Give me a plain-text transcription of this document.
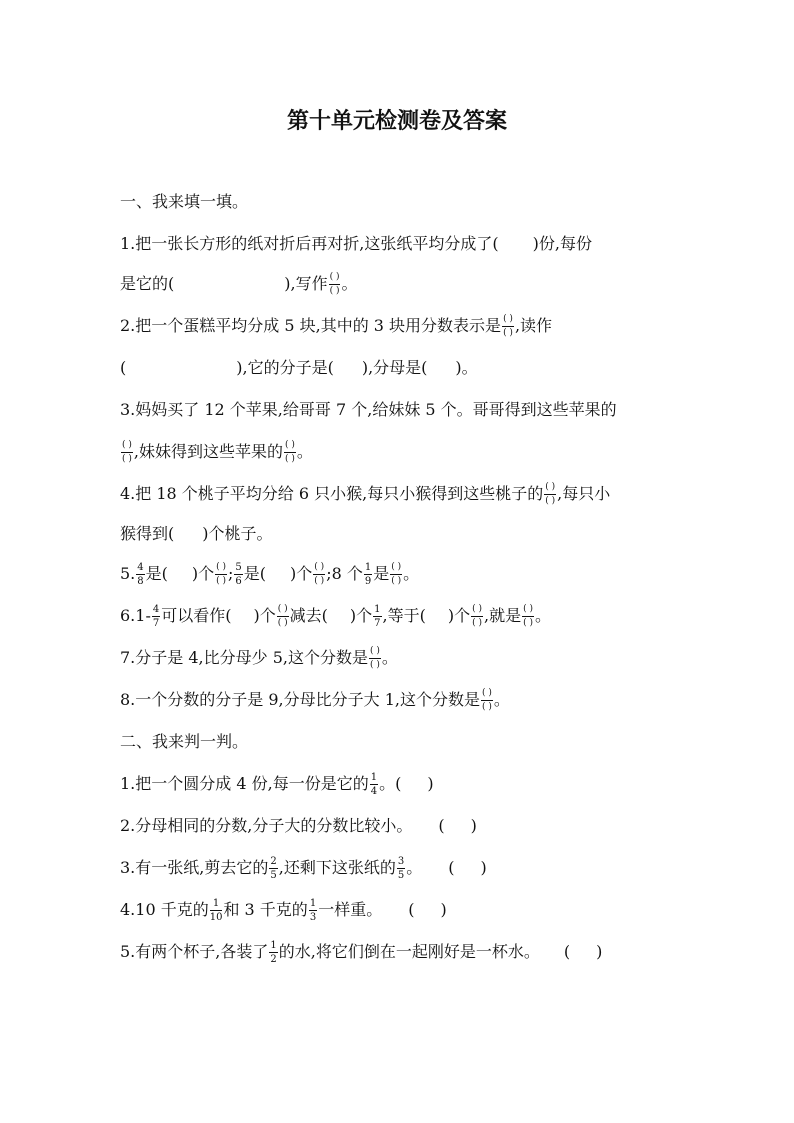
第十单元检测卷及答案
一、我来填一填。
1.把一张长方形的纸对折后再对折,这张纸平均分成了( )份,每份
是它的(	),写作 $\frac{( )}{( )}$ 。
2.把一个蛋糕平均分成 5 块,其中的 3 块用分数表示是 $\frac{( )}{( )}$ ,读作
(	),它的分子是( ),分母是( )。
3.妈妈买了 12 个苹果,给哥哥 7 个,给妹妹 5 个。哥哥得到这些苹果的
$\frac{( )}{( )}$ ,妹妹得到这些苹果的 $\frac{( )}{( )}$ 。
4.把 18 个桃子平均分给 6 只小猴,每只小猴得到这些桃子的 $\frac{( )}{( )}$ ,每只小
猴得到( )个桃子。
5. $\frac{4}{8}$ 是( )个 $\frac{( )}{( )}$ ; $\frac{5}{6}$ 是( )个 $\frac{( )}{( )}$ ;8 个 $\frac{1}{9}$ 是 $\frac{( )}{( )}$ 。
$6.1- \frac{4}{7}$ 可以看作( )个 $\frac{( )}{( )}$ 减去( )个 $\frac{1}{7}$ ,等于( )个 $\frac{( )}{( )}$ ,就是 $\frac{( )}{( )}$ 。
7.分子是 4,比分母少 5,这个分数是 $\frac{( )}{( )}$ 。
8.一个分数的分子是 9,分母比分子大 1,这个分数是 $\frac{( )}{( )}$ 。
二、我来判一判。
1.把一个圆分成 4 份,每一份是它的 $\frac{1}{4}$ 。( )
2.分母相同的分数,分子大的分数比较小。 ( )
3.有一张纸,剪去它的 $\frac{2}{5}$ ,还剩下这张纸的 $\frac{3}{5}$ 。 ( )
4.10 千克的 $\frac{1}{10}$ 和 3 千克的 $\frac{1}{3}$ 一样重。 ( )
5.有两个杯子,各装了 $\frac{1}{2}$ 的水,将它们倒在一起刚好是一杯水。 ( )
